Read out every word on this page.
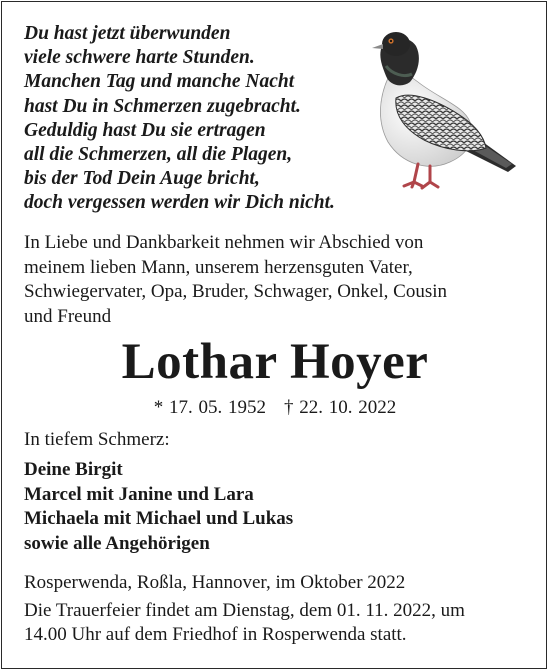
Du hast jetzt überwunden
viele schwere harte Stunden.
Manchen Tag und manche Nacht
hast Du in Schmerzen zugebracht.
Geduldig hast Du sie ertragen
all die Schmerzen, all die Plagen,
bis der Tod Dein Auge bricht,
doch vergessen werden wir Dich nicht.
In Liebe und Dankbarkeit nehmen wir Abschied von
meinem lieben Mann, unserem herzensguten Vater,
Schwiegervater, Opa, Bruder, Schwager, Onkel, Cousin
und Freund
Lothar Hoyer
* 17. 05. 1952 † 22. 10. 2022
In tiefem Schmerz:
Deine Birgit
Marcel mit Janine und Lara
Michaela mit Michael und Lukas
sowie alle Angehörigen
Rosperwenda, Roßla, Hannover, im Oktober 2022
Die Trauerfeier findet am Dienstag, dem 01. 11. 2022, um
14.00 Uhr auf dem Friedhof in Rosperwenda statt.
